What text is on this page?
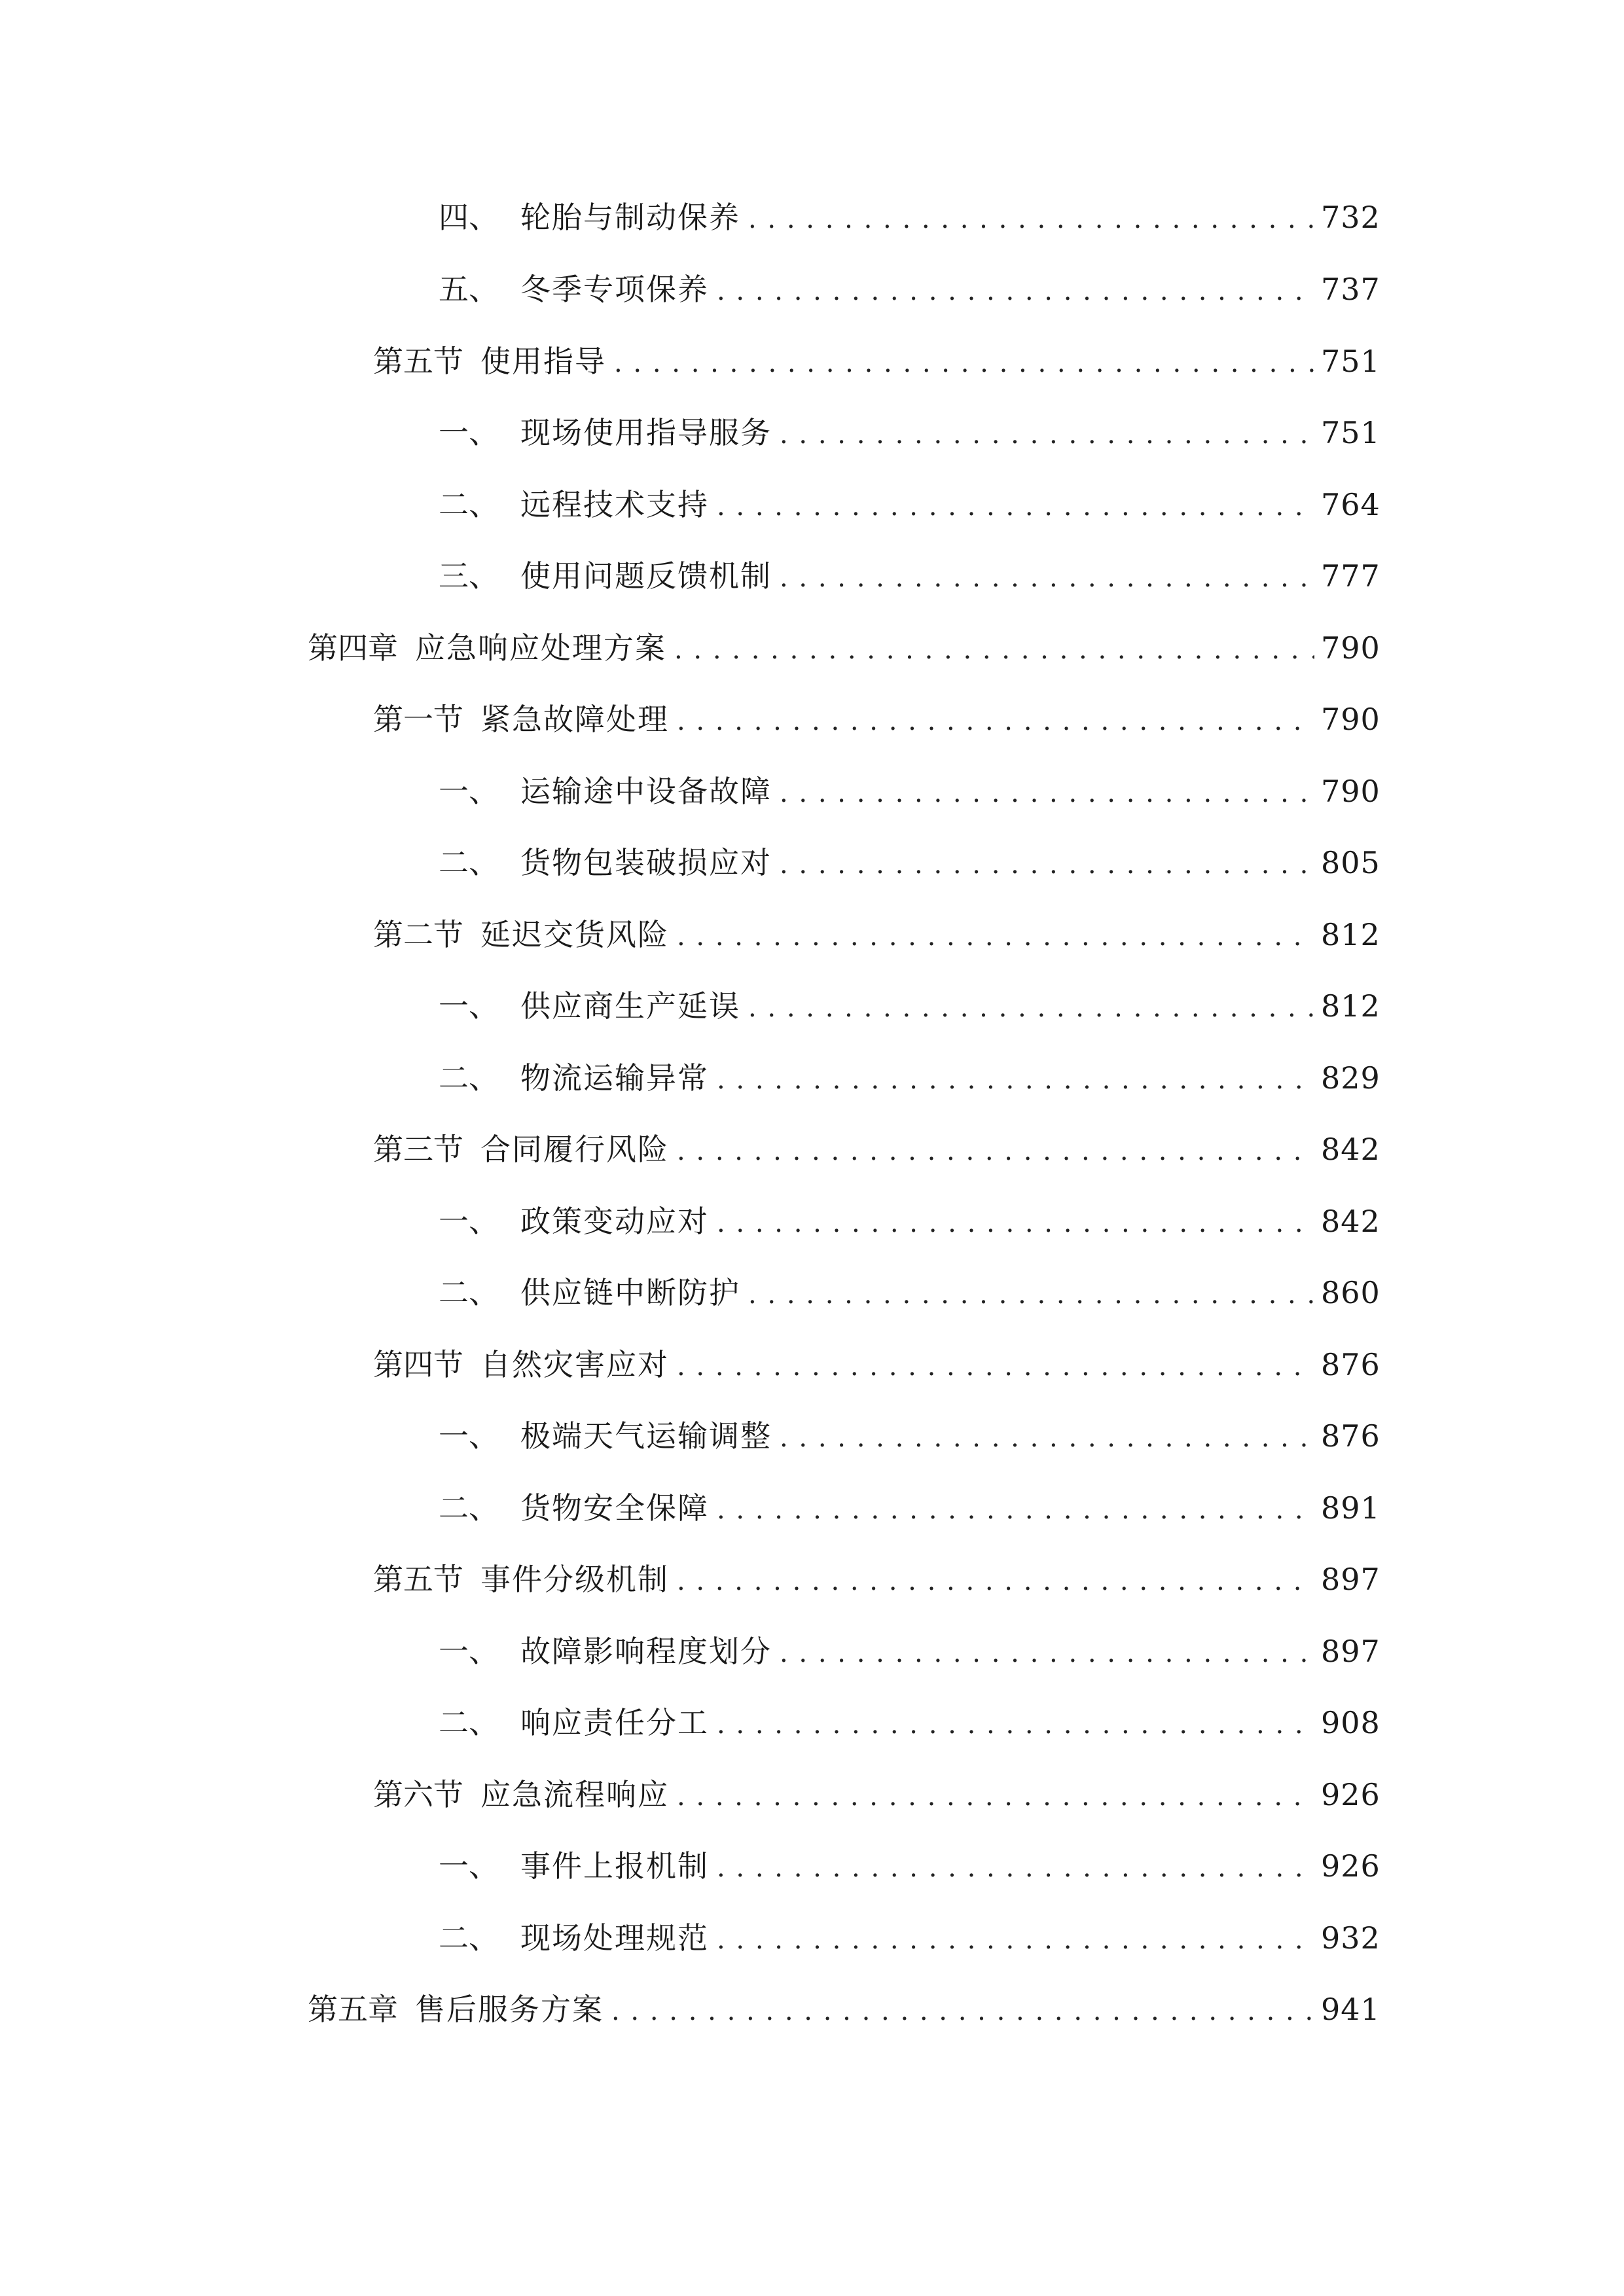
四、 轮胎与制动保养 . . .	732
五、 冬季专项保养 . . .	737
第五节 使用指导 . . .	751
一、 现场使用指导服务 . . .	751
二、 远程技术支持 . . .	764
三、 使用问题反馈机制 . . .	777
第四章 应急响应处理方案 . . .	790
第一节 紧急故障处理 . . .	790
一、 运输途中设备故障 . . .	790
二、 货物包装破损应对 . . .	805
第二节 延迟交货风险 . . .	812
一、 供应商生产延误 . . .	812
二、 物流运输异常 . . .	829
第三节 合同履行风险 . . .	842
一、 政策变动应对 . . .	842
二、 供应链中断防护 . . .	860
第四节 自然灾害应对 . . .	876
一、 极端天气运输调整 . . .	876
二、 货物安全保障 . . .	891
第五节 事件分级机制 . . .	897
一、 故障影响程度划分 . . .	897
二、 响应责任分工 . . .	908
第六节 应急流程响应 . . .	926
一、 事件上报机制 . . .	926
二、 现场处理规范 . . .	932
第五章 售后服务方案 . . .	941
